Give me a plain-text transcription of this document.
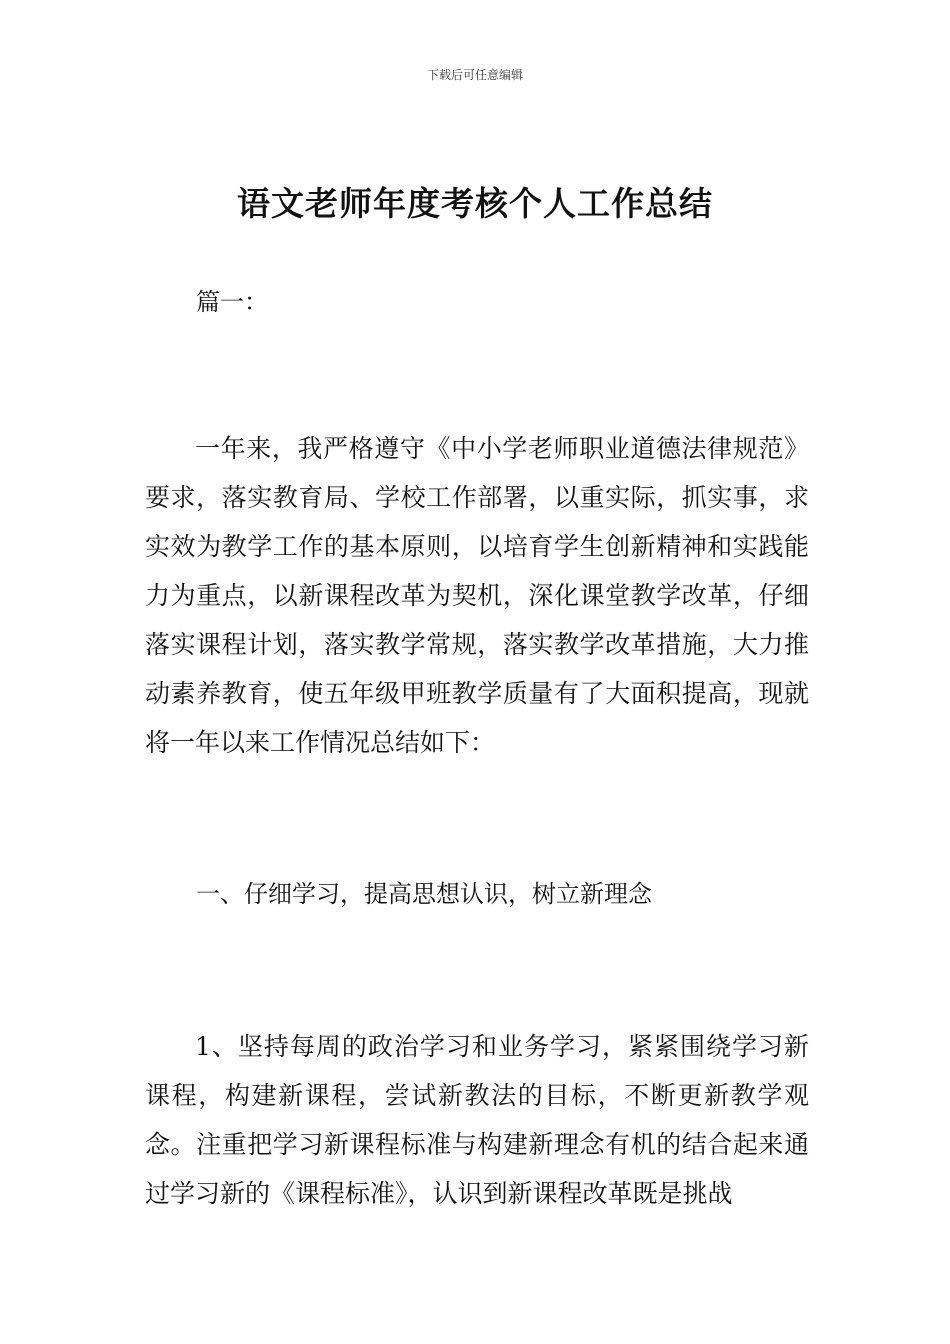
下载后可任意编辑
语文老师年度考核个人工作总结
篇一：

一年来，我严格遵守《中小学老师职业道德法律规范》要求，落实教育局、学校工作部署，以重实际，抓实事，求实效为教学工作的基本原则，以培育学生创新精神和实践能力为重点，以新课程改革为契机，深化课堂教学改革，仔细落实课程计划，落实教学常规，落实教学改革措施，大力推动素养教育，使五年级甲班教学质量有了大面积提高，现就将一年以来工作情况总结如下：

一、仔细学习，提高思想认识，树立新理念

1、坚持每周的政治学习和业务学习，紧紧围绕学习新课程，构建新课程，尝试新教法的目标，不断更新教学观念。注重把学习新课程标准与构建新理念有机的结合起来通过学习新的《课程标准》，认识到新课程改革既是挑战
